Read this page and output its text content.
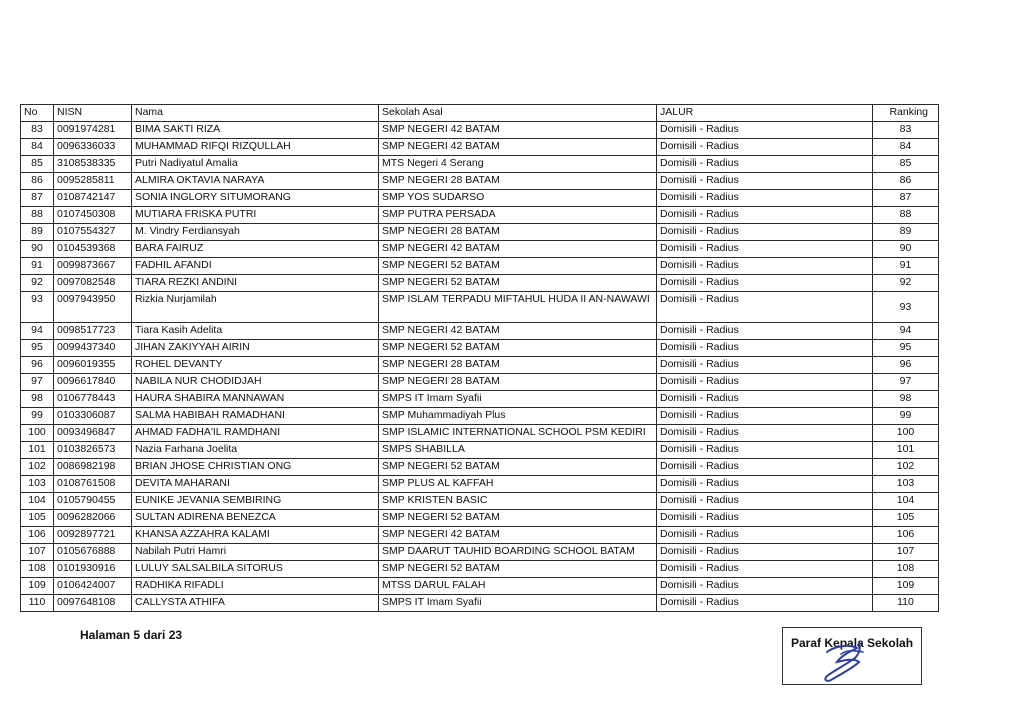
No	NISN	Nama	Sekolah Asal	JALUR	Ranking
83	0091974281	BIMA SAKTI RIZA	SMP NEGERI 42 BATAM	Domisili - Radius	83
84	0096336033	MUHAMMAD RIFQI RIZQULLAH	SMP NEGERI 42 BATAM	Domisili - Radius	84
85	3108538335	Putri Nadiyatul Amalia	MTS Negeri 4 Serang	Domisili - Radius	85
86	0095285811	ALMIRA OKTAVIA NARAYA	SMP NEGERI 28 BATAM	Domisili - Radius	86
87	0108742147	SONIA INGLORY SITUMORANG	SMP YOS SUDARSO	Domisili - Radius	87
88	0107450308	MUTIARA FRISKA PUTRI	SMP PUTRA PERSADA	Domisili - Radius	88
89	0107554327	M. Vindry Ferdiansyah	SMP NEGERI 28 BATAM	Domisili - Radius	89
90	0104539368	BARA FAIRUZ	SMP NEGERI 42 BATAM	Domisili - Radius	90
91	0099873667	FADHIL AFANDI	SMP NEGERI 52 BATAM	Domisili - Radius	91
92	0097082548	TIARA REZKI ANDINI	SMP NEGERI 52 BATAM	Domisili - Radius	92
93	0097943950	Rizkia Nurjamilah	SMP ISLAM TERPADU MIFTAHUL HUDA II AN-NAWAWI	Domisili - Radius	93
94	0098517723	Tiara Kasih Adelita	SMP NEGERI 42 BATAM	Domisili - Radius	94
95	0099437340	JIHAN ZAKIYYAH AIRIN	SMP NEGERI 52 BATAM	Domisili - Radius	95
96	0096019355	ROHEL DEVANTY	SMP NEGERI 28 BATAM	Domisili - Radius	96
97	0096617840	NABILA NUR CHODIDJAH	SMP NEGERI 28 BATAM	Domisili - Radius	97
98	0106778443	HAURA SHABIRA MANNAWAN	SMPS IT Imam Syafii	Domisili - Radius	98
99	0103306087	SALMA HABIBAH RAMADHANI	SMP Muhammadiyah Plus	Domisili - Radius	99
100	0093496847	AHMAD FADHA'IL RAMDHANI	SMP ISLAMIC INTERNATIONAL SCHOOL PSM KEDIRI	Domisili - Radius	100
101	0103826573	Nazia Farhana Joelita	SMPS SHABILLA	Domisili - Radius	101
102	0086982198	BRIAN JHOSE CHRISTIAN ONG	SMP NEGERI 52 BATAM	Domisili - Radius	102
103	0108761508	DEVITA MAHARANI	SMP PLUS AL KAFFAH	Domisili - Radius	103
104	0105790455	EUNIKE JEVANIA SEMBIRING	SMP KRISTEN BASIC	Domisili - Radius	104
105	0096282066	SULTAN ADIRENA BENEZCA	SMP NEGERI 52 BATAM	Domisili - Radius	105
106	0092897721	KHANSA AZZAHRA KALAMI	SMP NEGERI 42 BATAM	Domisili - Radius	106
107	0105676888	Nabilah Putri Hamri	SMP DAARUT TAUHID BOARDING SCHOOL BATAM	Domisili - Radius	107
108	0101930916	LULUY SALSALBILA SITORUS	SMP NEGERI 52 BATAM	Domisili - Radius	108
109	0106424007	RADHIKA RIFADLI	MTSS DARUL FALAH	Domisili - Radius	109
110	0097648108	CALLYSTA ATHIFA	SMPS IT Imam Syafii	Domisili - Radius	110
Halaman 5 dari 23
Paraf Kepala Sekolah
